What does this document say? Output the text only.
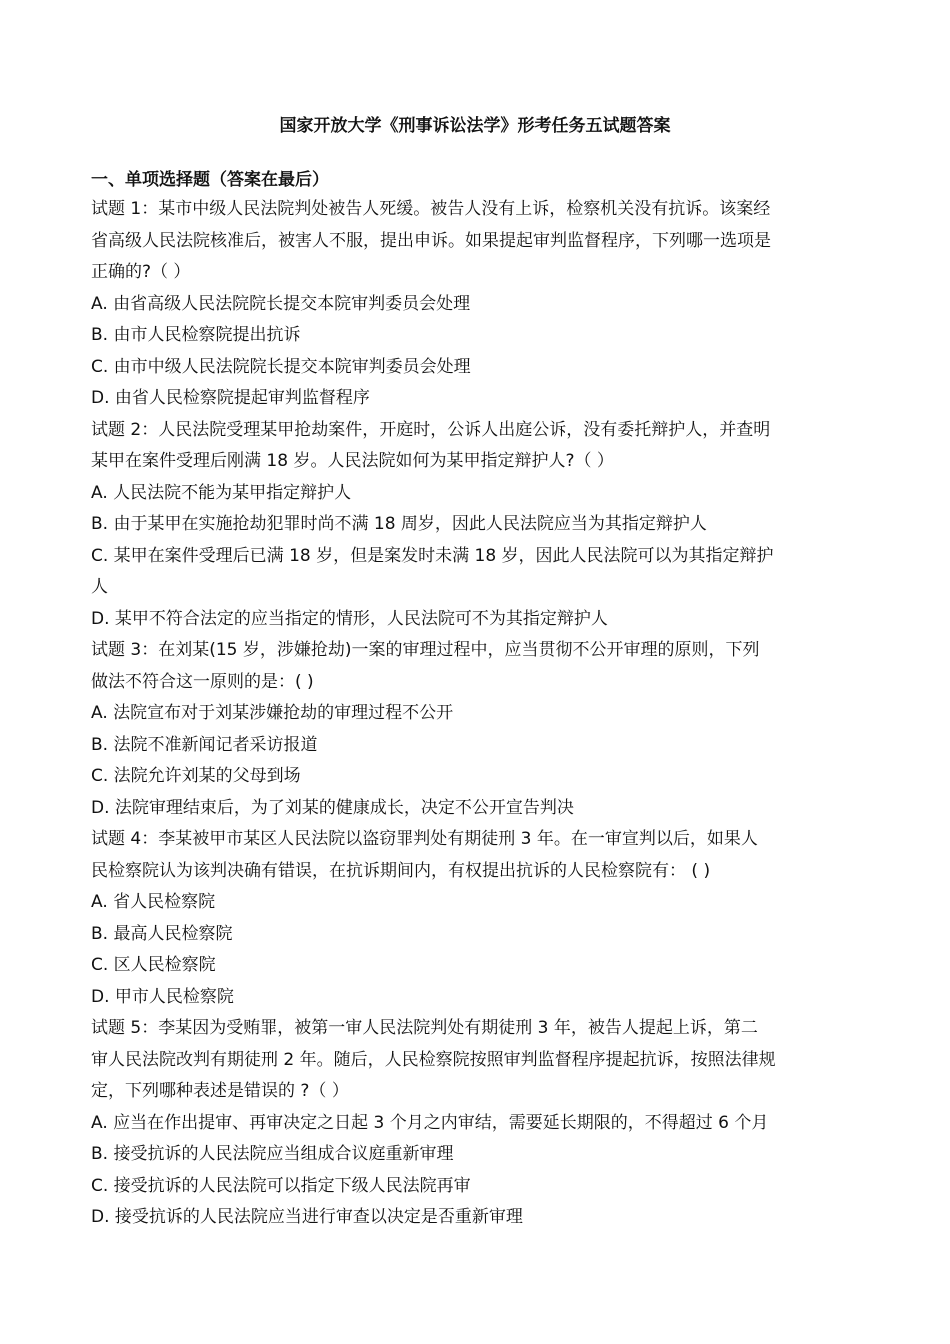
国家开放大学《刑事诉讼法学》形考任务五试题答案
一、单项选择题（答案在最后）
试题 1：某市中级人民法院判处被告人死缓。被告人没有上诉，检察机关没有抗诉。该案经
省高级人民法院核准后，被害人不服，提出申诉。如果提起审判监督程序，下列哪一选项是
正确的?（ ）
A. 由省高级人民法院院长提交本院审判委员会处理
B. 由市人民检察院提出抗诉
C. 由市中级人民法院院长提交本院审判委员会处理
D. 由省人民检察院提起审判监督程序
试题 2：人民法院受理某甲抢劫案件，开庭时，公诉人出庭公诉，没有委托辩护人，并查明
某甲在案件受理后刚满 18 岁。人民法院如何为某甲指定辩护人?（ ）
A. 人民法院不能为某甲指定辩护人
B. 由于某甲在实施抢劫犯罪时尚不满 18 周岁，因此人民法院应当为其指定辩护人
C. 某甲在案件受理后已满 18 岁，但是案发时未满 18 岁，因此人民法院可以为其指定辩护
人
D. 某甲不符合法定的应当指定的情形，人民法院可不为其指定辩护人
试题 3：在刘某(15 岁，涉嫌抢劫)一案的审理过程中，应当贯彻不公开审理的原则，下列
做法不符合这一原则的是：( )
A. 法院宣布对于刘某涉嫌抢劫的审理过程不公开
B. 法院不准新闻记者采访报道
C. 法院允许刘某的父母到场
D. 法院审理结束后，为了刘某的健康成长，决定不公开宣告判决
试题 4：李某被甲市某区人民法院以盗窃罪判处有期徒刑 3 年。在一审宣判以后，如果人
民检察院认为该判决确有错误，在抗诉期间内，有权提出抗诉的人民检察院有： ( )
A. 省人民检察院
B. 最高人民检察院
C. 区人民检察院
D. 甲市人民检察院
试题 5：李某因为受贿罪，被第一审人民法院判处有期徒刑 3 年，被告人提起上诉，第二
审人民法院改判有期徒刑 2 年。随后，人民检察院按照审判监督程序提起抗诉，按照法律规
定，下列哪种表述是错误的 ?（ ）
A. 应当在作出提审、再审决定之日起 3 个月之内审结，需要延长期限的，不得超过 6 个月
B. 接受抗诉的人民法院应当组成合议庭重新审理
C. 接受抗诉的人民法院可以指定下级人民法院再审
D. 接受抗诉的人民法院应当进行审查以决定是否重新审理
